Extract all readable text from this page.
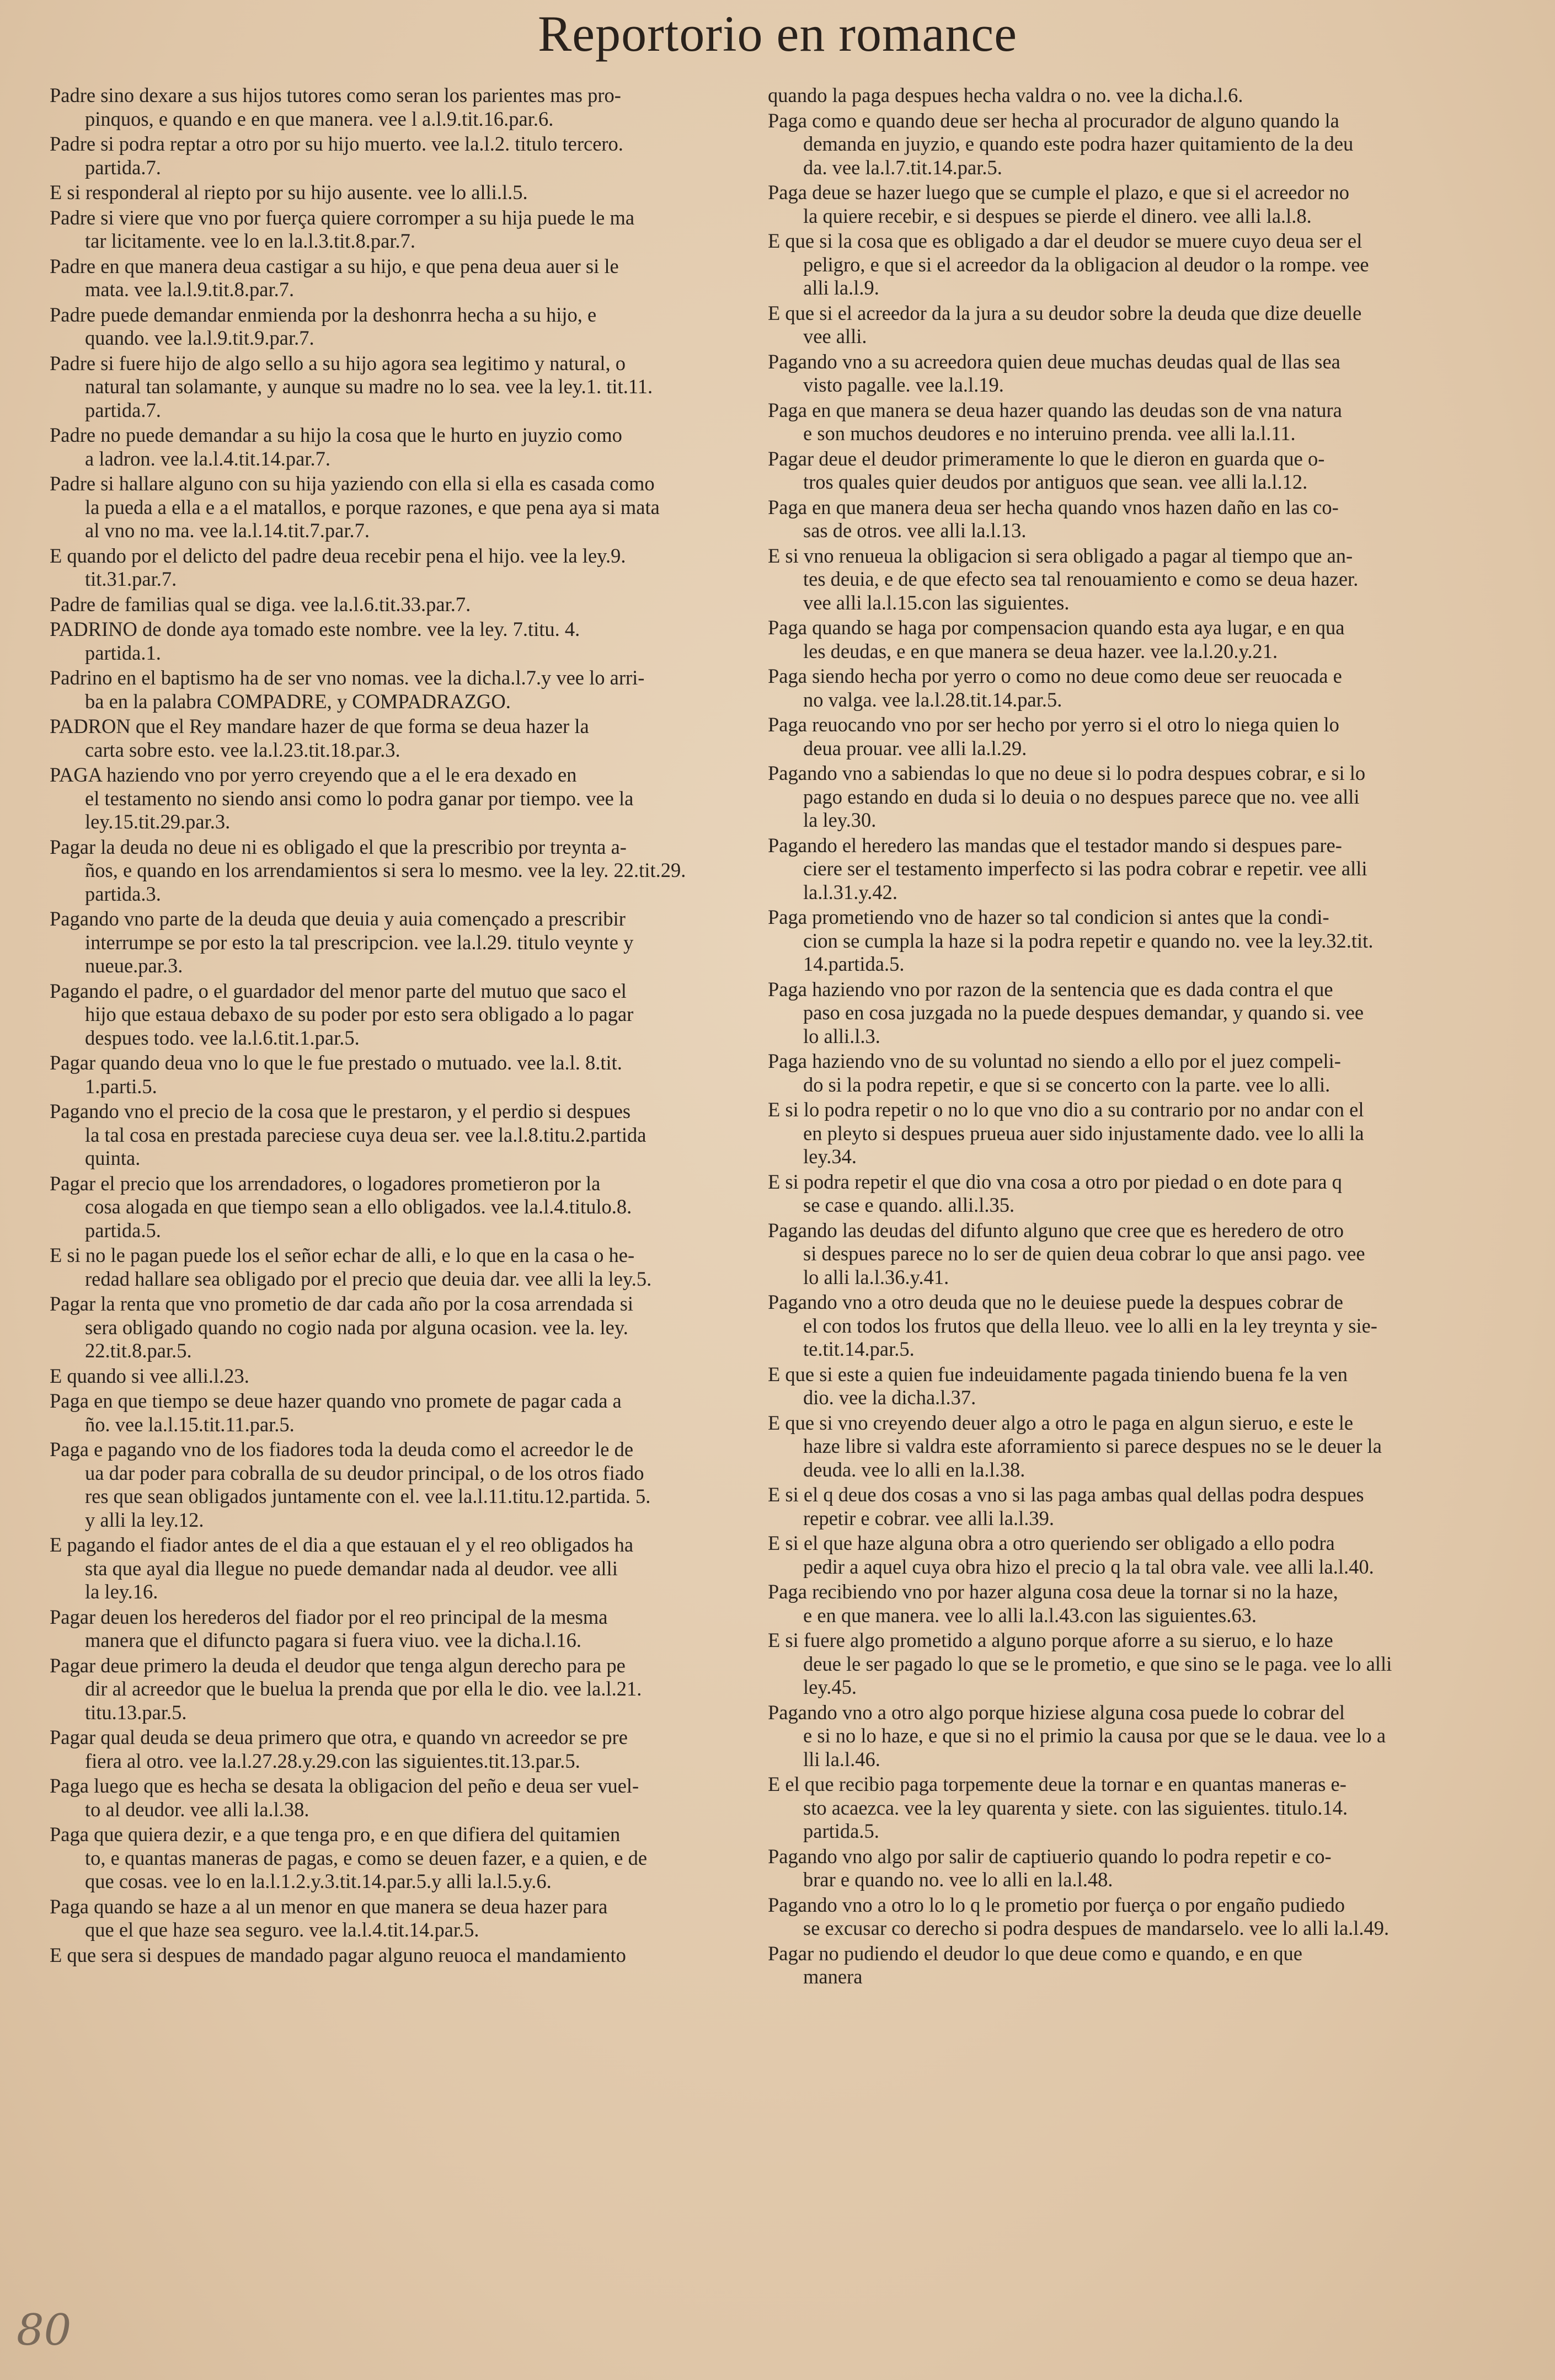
Reportorio en romance
Padre sino dexare a sus hijos tutores como seran los parientes mas pro-
pinquos, e quando e en que manera. vee l a.l.9.tit.16.par.6.
Padre si podra reptar a otro por su hijo muerto. vee la.l.2. titulo tercero.
partida.7.
E si responderal al riepto por su hijo ausente. vee lo alli.l.5.
Padre si viere que vno por fuerça quiere corromper a su hija puede le ma
tar licitamente. vee lo en la.l.3.tit.8.par.7.
Padre en que manera deua castigar a su hijo, e que pena deua auer si le
mata. vee la.l.9.tit.8.par.7.
Padre puede demandar enmienda por la deshonrra hecha a su hijo, e
quando. vee la.l.9.tit.9.par.7.
Padre si fuere hijo de algo sello a su hijo agora sea legitimo y natural, o
natural tan solamante, y aunque su madre no lo sea. vee la ley.1. tit.11.
partida.7.
Padre no puede demandar a su hijo la cosa que le hurto en juyzio como
a ladron. vee la.l.4.tit.14.par.7.
Padre si hallare alguno con su hija yaziendo con ella si ella es casada como
la pueda a ella e a el matallos, e porque razones, e que pena aya si mata
al vno no ma. vee la.l.14.tit.7.par.7.
E quando por el delicto del padre deua recebir pena el hijo. vee la ley.9.
tit.31.par.7.
Padre de familias qual se diga. vee la.l.6.tit.33.par.7.
PADRINO de donde aya tomado este nombre. vee la ley. 7.titu. 4.
partida.1.
Padrino en el baptismo ha de ser vno nomas. vee la dicha.l.7.y vee lo arri-
ba en la palabra COMPADRE, y COMPADRAZGO.
PADRON que el Rey mandare hazer de que forma se deua hazer la
carta sobre esto. vee la.l.23.tit.18.par.3.
PAGA haziendo vno por yerro creyendo que a el le era dexado en
el testamento no siendo ansi como lo podra ganar por tiempo. vee la
ley.15.tit.29.par.3.
Pagar la deuda no deue ni es obligado el que la prescribio por treynta a-
ños, e quando en los arrendamientos si sera lo mesmo. vee la ley. 22.tit.29.
partida.3.
Pagando vno parte de la deuda que deuia y auia començado a prescribir
interrumpe se por esto la tal prescripcion. vee la.l.29. titulo veynte y
nueue.par.3.
Pagando el padre, o el guardador del menor parte del mutuo que saco el
hijo que estaua debaxo de su poder por esto sera obligado a lo pagar
despues todo. vee la.l.6.tit.1.par.5.
Pagar quando deua vno lo que le fue prestado o mutuado. vee la.l. 8.tit.
1.parti.5.
Pagando vno el precio de la cosa que le prestaron, y el perdio si despues
la tal cosa en prestada pareciese cuya deua ser. vee la.l.8.titu.2.partida
quinta.
Pagar el precio que los arrendadores, o logadores prometieron por la
cosa alogada en que tiempo sean a ello obligados. vee la.l.4.titulo.8.
partida.5.
E si no le pagan puede los el señor echar de alli, e lo que en la casa o he-
redad hallare sea obligado por el precio que deuia dar. vee alli la ley.5.
Pagar la renta que vno prometio de dar cada año por la cosa arrendada si
sera obligado quando no cogio nada por alguna ocasion. vee la. ley.
22.tit.8.par.5.
E quando si vee alli.l.23.
Paga en que tiempo se deue hazer quando vno promete de pagar cada a
ño. vee la.l.15.tit.11.par.5.
Paga e pagando vno de los fiadores toda la deuda como el acreedor le de
ua dar poder para cobralla de su deudor principal, o de los otros fiado
res que sean obligados juntamente con el. vee la.l.11.titu.12.partida. 5.
y alli la ley.12.
E pagando el fiador antes de el dia a que estauan el y el reo obligados ha
sta que ayal dia llegue no puede demandar nada al deudor. vee alli
la ley.16.
Pagar deuen los herederos del fiador por el reo principal de la mesma
manera que el difuncto pagara si fuera viuo. vee la dicha.l.16.
Pagar deue primero la deuda el deudor que tenga algun derecho para pe
dir al acreedor que le buelua la prenda que por ella le dio. vee la.l.21.
titu.13.par.5.
Pagar qual deuda se deua primero que otra, e quando vn acreedor se pre
fiera al otro. vee la.l.27.28.y.29.con las siguientes.tit.13.par.5.
Paga luego que es hecha se desata la obligacion del peño e deua ser vuel-
to al deudor. vee alli la.l.38.
Paga que quiera dezir, e a que tenga pro, e en que difiera del quitamien
to, e quantas maneras de pagas, e como se deuen fazer, e a quien, e de
que cosas. vee lo en la.l.1.2.y.3.tit.14.par.5.y alli la.l.5.y.6.
Paga quando se haze a al un menor en que manera se deua hazer para
que el que haze sea seguro. vee la.l.4.tit.14.par.5.
E que sera si despues de mandado pagar alguno reuoca el mandamiento
quando la paga despues hecha valdra o no. vee la dicha.l.6.
Paga como e quando deue ser hecha al procurador de alguno quando la
demanda en juyzio, e quando este podra hazer quitamiento de la deu
da. vee la.l.7.tit.14.par.5.
Paga deue se hazer luego que se cumple el plazo, e que si el acreedor no
la quiere recebir, e si despues se pierde el dinero. vee alli la.l.8.
E que si la cosa que es obligado a dar el deudor se muere cuyo deua ser el
peligro, e que si el acreedor da la obligacion al deudor o la rompe. vee
alli la.l.9.
E que si el acreedor da la jura a su deudor sobre la deuda que dize deuelle
vee alli.
Pagando vno a su acreedora quien deue muchas deudas qual de llas sea
visto pagalle. vee la.l.19.
Paga en que manera se deua hazer quando las deudas son de vna natura
e son muchos deudores e no interuino prenda. vee alli la.l.11.
Pagar deue el deudor primeramente lo que le dieron en guarda que o-
tros quales quier deudos por antiguos que sean. vee alli la.l.12.
Paga en que manera deua ser hecha quando vnos hazen daño en las co-
sas de otros. vee alli la.l.13.
E si vno renueua la obligacion si sera obligado a pagar al tiempo que an-
tes deuia, e de que efecto sea tal renouamiento e como se deua hazer.
vee alli la.l.15.con las siguientes.
Paga quando se haga por compensacion quando esta aya lugar, e en qua
les deudas, e en que manera se deua hazer. vee la.l.20.y.21.
Paga siendo hecha por yerro o como no deue como deue ser reuocada e
no valga. vee la.l.28.tit.14.par.5.
Paga reuocando vno por ser hecho por yerro si el otro lo niega quien lo
deua prouar. vee alli la.l.29.
Pagando vno a sabiendas lo que no deue si lo podra despues cobrar, e si lo
pago estando en duda si lo deuia o no despues parece que no. vee alli
la ley.30.
Pagando el heredero las mandas que el testador mando si despues pare-
ciere ser el testamento imperfecto si las podra cobrar e repetir. vee alli
la.l.31.y.42.
Paga prometiendo vno de hazer so tal condicion si antes que la condi-
cion se cumpla la haze si la podra repetir e quando no. vee la ley.32.tit.
14.partida.5.
Paga haziendo vno por razon de la sentencia que es dada contra el que
paso en cosa juzgada no la puede despues demandar, y quando si. vee
lo alli.l.3.
Paga haziendo vno de su voluntad no siendo a ello por el juez compeli-
do si la podra repetir, e que si se concerto con la parte. vee lo alli.
E si lo podra repetir o no lo que vno dio a su contrario por no andar con el
en pleyto si despues prueua auer sido injustamente dado. vee lo alli la
ley.34.
E si podra repetir el que dio vna cosa a otro por piedad o en dote para q
se case e quando. alli.l.35.
Pagando las deudas del difunto alguno que cree que es heredero de otro
si despues parece no lo ser de quien deua cobrar lo que ansi pago. vee
lo alli la.l.36.y.41.
Pagando vno a otro deuda que no le deuiese puede la despues cobrar de
el con todos los frutos que della lleuo. vee lo alli en la ley treynta y sie-
te.tit.14.par.5.
E que si este a quien fue indeuidamente pagada tiniendo buena fe la ven
dio. vee la dicha.l.37.
E que si vno creyendo deuer algo a otro le paga en algun sieruo, e este le
haze libre si valdra este aforramiento si parece despues no se le deuer la
deuda. vee lo alli en la.l.38.
E si el q deue dos cosas a vno si las paga ambas qual dellas podra despues
repetir e cobrar. vee alli la.l.39.
E si el que haze alguna obra a otro queriendo ser obligado a ello podra
pedir a aquel cuya obra hizo el precio q la tal obra vale. vee alli la.l.40.
Paga recibiendo vno por hazer alguna cosa deue la tornar si no la haze,
e en que manera. vee lo alli la.l.43.con las siguientes.63.
E si fuere algo prometido a alguno porque aforre a su sieruo, e lo haze
deue le ser pagado lo que se le prometio, e que sino se le paga. vee lo alli
ley.45.
Pagando vno a otro algo porque hiziese alguna cosa puede lo cobrar del
e si no lo haze, e que si no el primio la causa por que se le daua. vee lo a
lli la.l.46.
E el que recibio paga torpemente deue la tornar e en quantas maneras e-
sto acaezca. vee la ley quarenta y siete. con las siguientes. titulo.14.
partida.5.
Pagando vno algo por salir de captiuerio quando lo podra repetir e co-
brar e quando no. vee lo alli en la.l.48.
Pagando vno a otro lo lo q le prometio por fuerça o por engaño pudiedo
se excusar co derecho si podra despues de mandarselo. vee lo alli la.l.49.
Pagar no pudiendo el deudor lo que deue como e quando, e en que
manera
80
